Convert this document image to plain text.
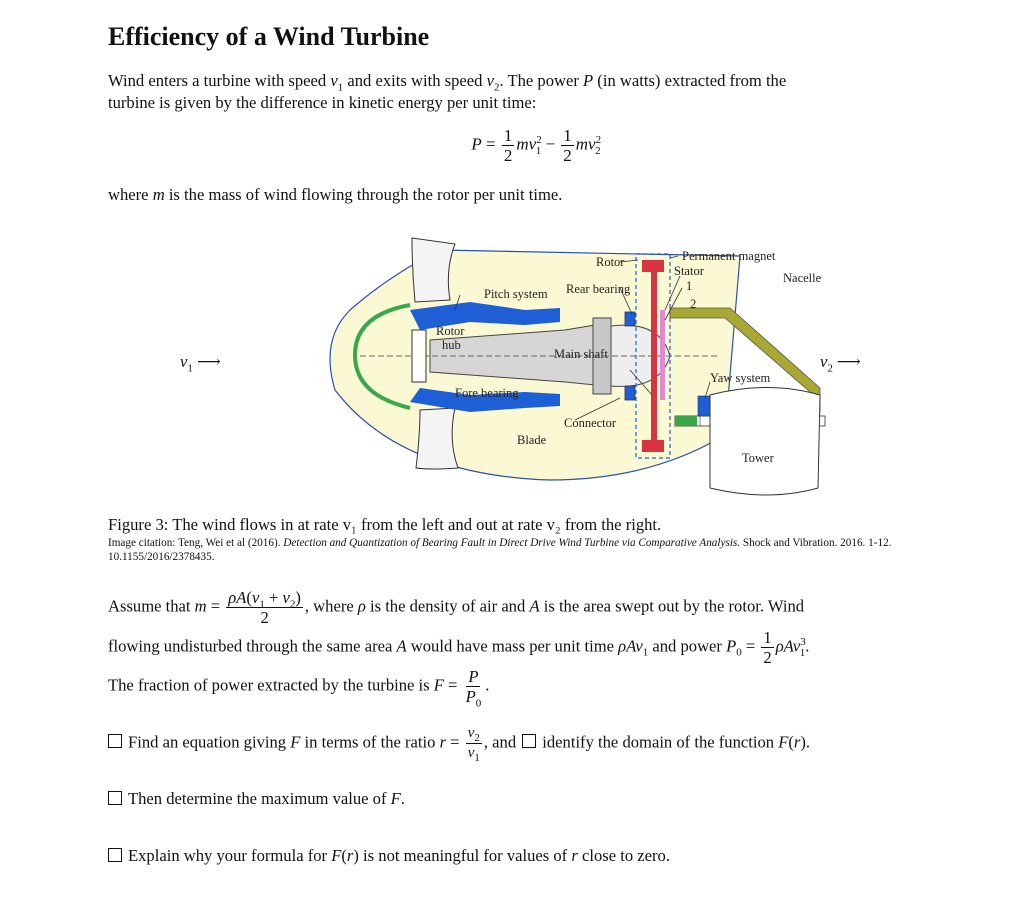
Efficiency of a Wind Turbine

Wind enters a turbine with speed $v_1$ and exits with speed $v_2$. The power P (in watts) extracted from the

turbine is given by the difference in kinetic energy per unit time:

$P = \frac{1}{2} mv^2_1 - \frac{1}{2} mv^2_2$

where m is the mass of wind flowing through the rotor per unit time.

$v_1$ ⟶	$v_2$ ⟶
Rotor	Permanent magnet
Stator	Nacelle
Pitch system Rear bearing	1
2
Rotor
hub
Main shaft
Yaw system
Fore bearing
Connector
Blade
Tower
Figure 3: The wind flows in at rate v₁ from the left and out at rate v₂ from the right.
Image citation: Teng, Wei et al (2016). Detection and Quantization of Bearing Fault in Direct Drive Wind Turbine via Comparative Analysis. Shock and Vibration. 2016. 1-12. 10.1155/2016/2378435.

Assume that $m = \frac{\rho A(v_1 + v_2)}{2}$ , where ρ is the density of air and A is the area swept out by the rotor. Wind

flowing undisturbed through the same area A would have mass per unit time ρAv$_1$ and power $P_0 = \frac{1}{2} \rho Av^3_1$.

The fraction of power extracted by the turbine is $F = \frac{P}{P_0}$ .

Find an equation giving F in terms of the ratio $r = \frac{v_2}{v_1}$ , and identify the domain of the function F(r).

Then determine the maximum value of F.

Explain why your formula for F(r) is not meaningful for values of r close to zero.
